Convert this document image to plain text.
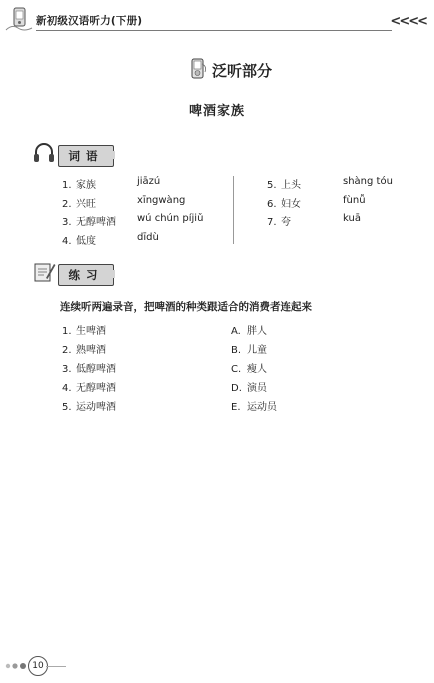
新初级汉语听力(下册)	<<<<
泛听部分
啤酒家族
词语
1. 家族	jiāzú
2. 兴旺	xīngwàng
3. 无醇啤酒 wú chún píjiǔ
4. 低度	dīdù
5. 上头	shàng tóu
6. 妇女	fùnǚ
7. 夸	kuā
练习
连续听两遍录音，把啤酒的种类跟适合的消费者连起来
1. 生啤酒
2. 熟啤酒
3. 低醇啤酒
4. 无醇啤酒
5. 运动啤酒
A. 胖人
B. 儿童
C. 瘦人
D. 演员
E. 运动员
10
